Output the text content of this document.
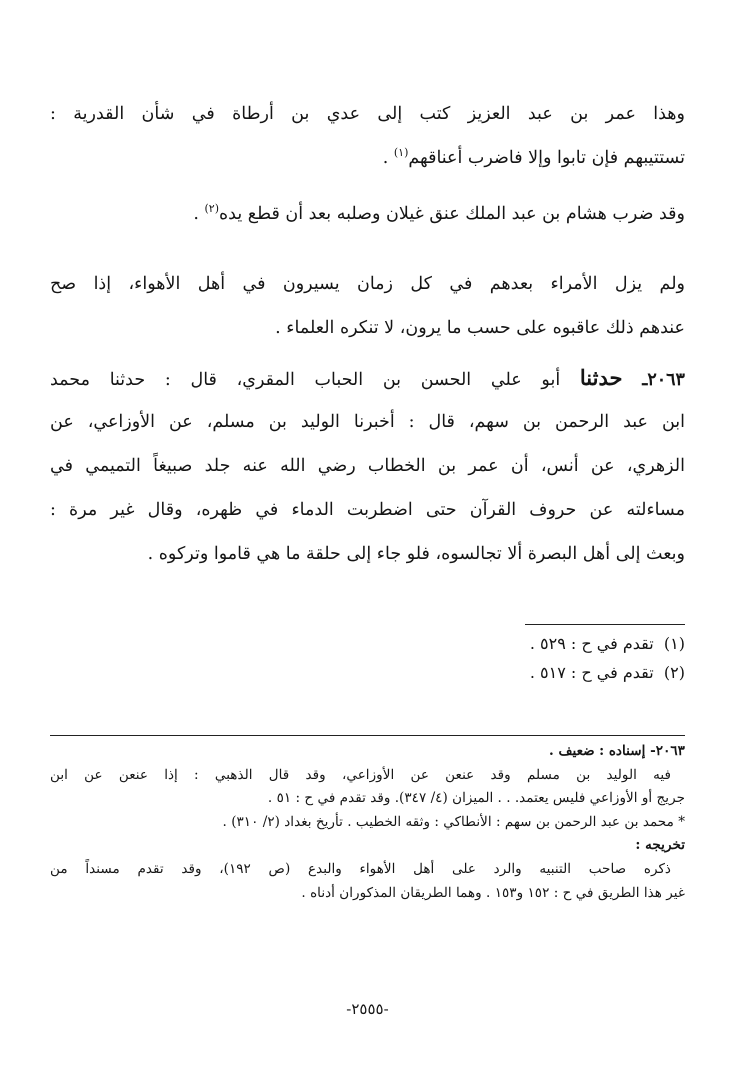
وهذا عمر بن عبد العزيز كتب إلى عدي بن أرطاة في شأن القدرية :

تستتيبهم فإن تابوا وإلا فاضرب أعناقهم$^{(١)}$ .

وقد ضرب هشام بن عبد الملك عنق غيلان وصلبه بعد أن قطع يده$^{(٢)}$ .

ولم يزل الأمراء بعدهم في كل زمان يسيرون في أهل الأهواء، إذا صح

عندهم ذلك عاقبوه على حسب ما يرون، لا تنكره العلماء .

٢٠٦٣ـ حدثنا أبو علي الحسن بن الحباب المقري، قال : حدثنا محمد

ابن عبد الرحمن بن سهم، قال : أخبرنا الوليد بن مسلم، عن الأوزاعي، عن

الزهري، عن أنس، أن عمر بن الخطاب رضي الله عنه جلد صبيغاً التميمي في

مساءلته عن حروف القرآن حتى اضطربت الدماء في ظهره، وقال غير مرة :

وبعث إلى أهل البصرة ألا تجالسوه، فلو جاء إلى حلقة ما هي قاموا وتركوه .

(١)  تقدم في ح : ٥٢٩ .
(٢)  تقدم في ح : ٥١٧ .

٢٠٦٣- إسناده : ضعيف .

فيه الوليد بن مسلم وقد عنعن عن الأوزاعي، وقد قال الذهبي : إذا عنعن عن ابن

جريج أو الأوزاعي فليس يعتمد. . . الميزان (٤/ ٣٤٧). وقد تقدم في ح : ٥١ .

* محمد بن عبد الرحمن بن سهم : الأنطاكي : وثقه الخطيب . تأريخ بغداد (٢/ ٣١٠) .

تخريجه :

ذكره صاحب التنبيه والرد على أهل الأهواء والبدع (ص ١٩٢)، وقد تقدم مسنداً من

غير هذا الطريق في ح : ١٥٢ و١٥٣ . وهما الطريقان المذكوران أدناه .

-٢٥٥٥-
